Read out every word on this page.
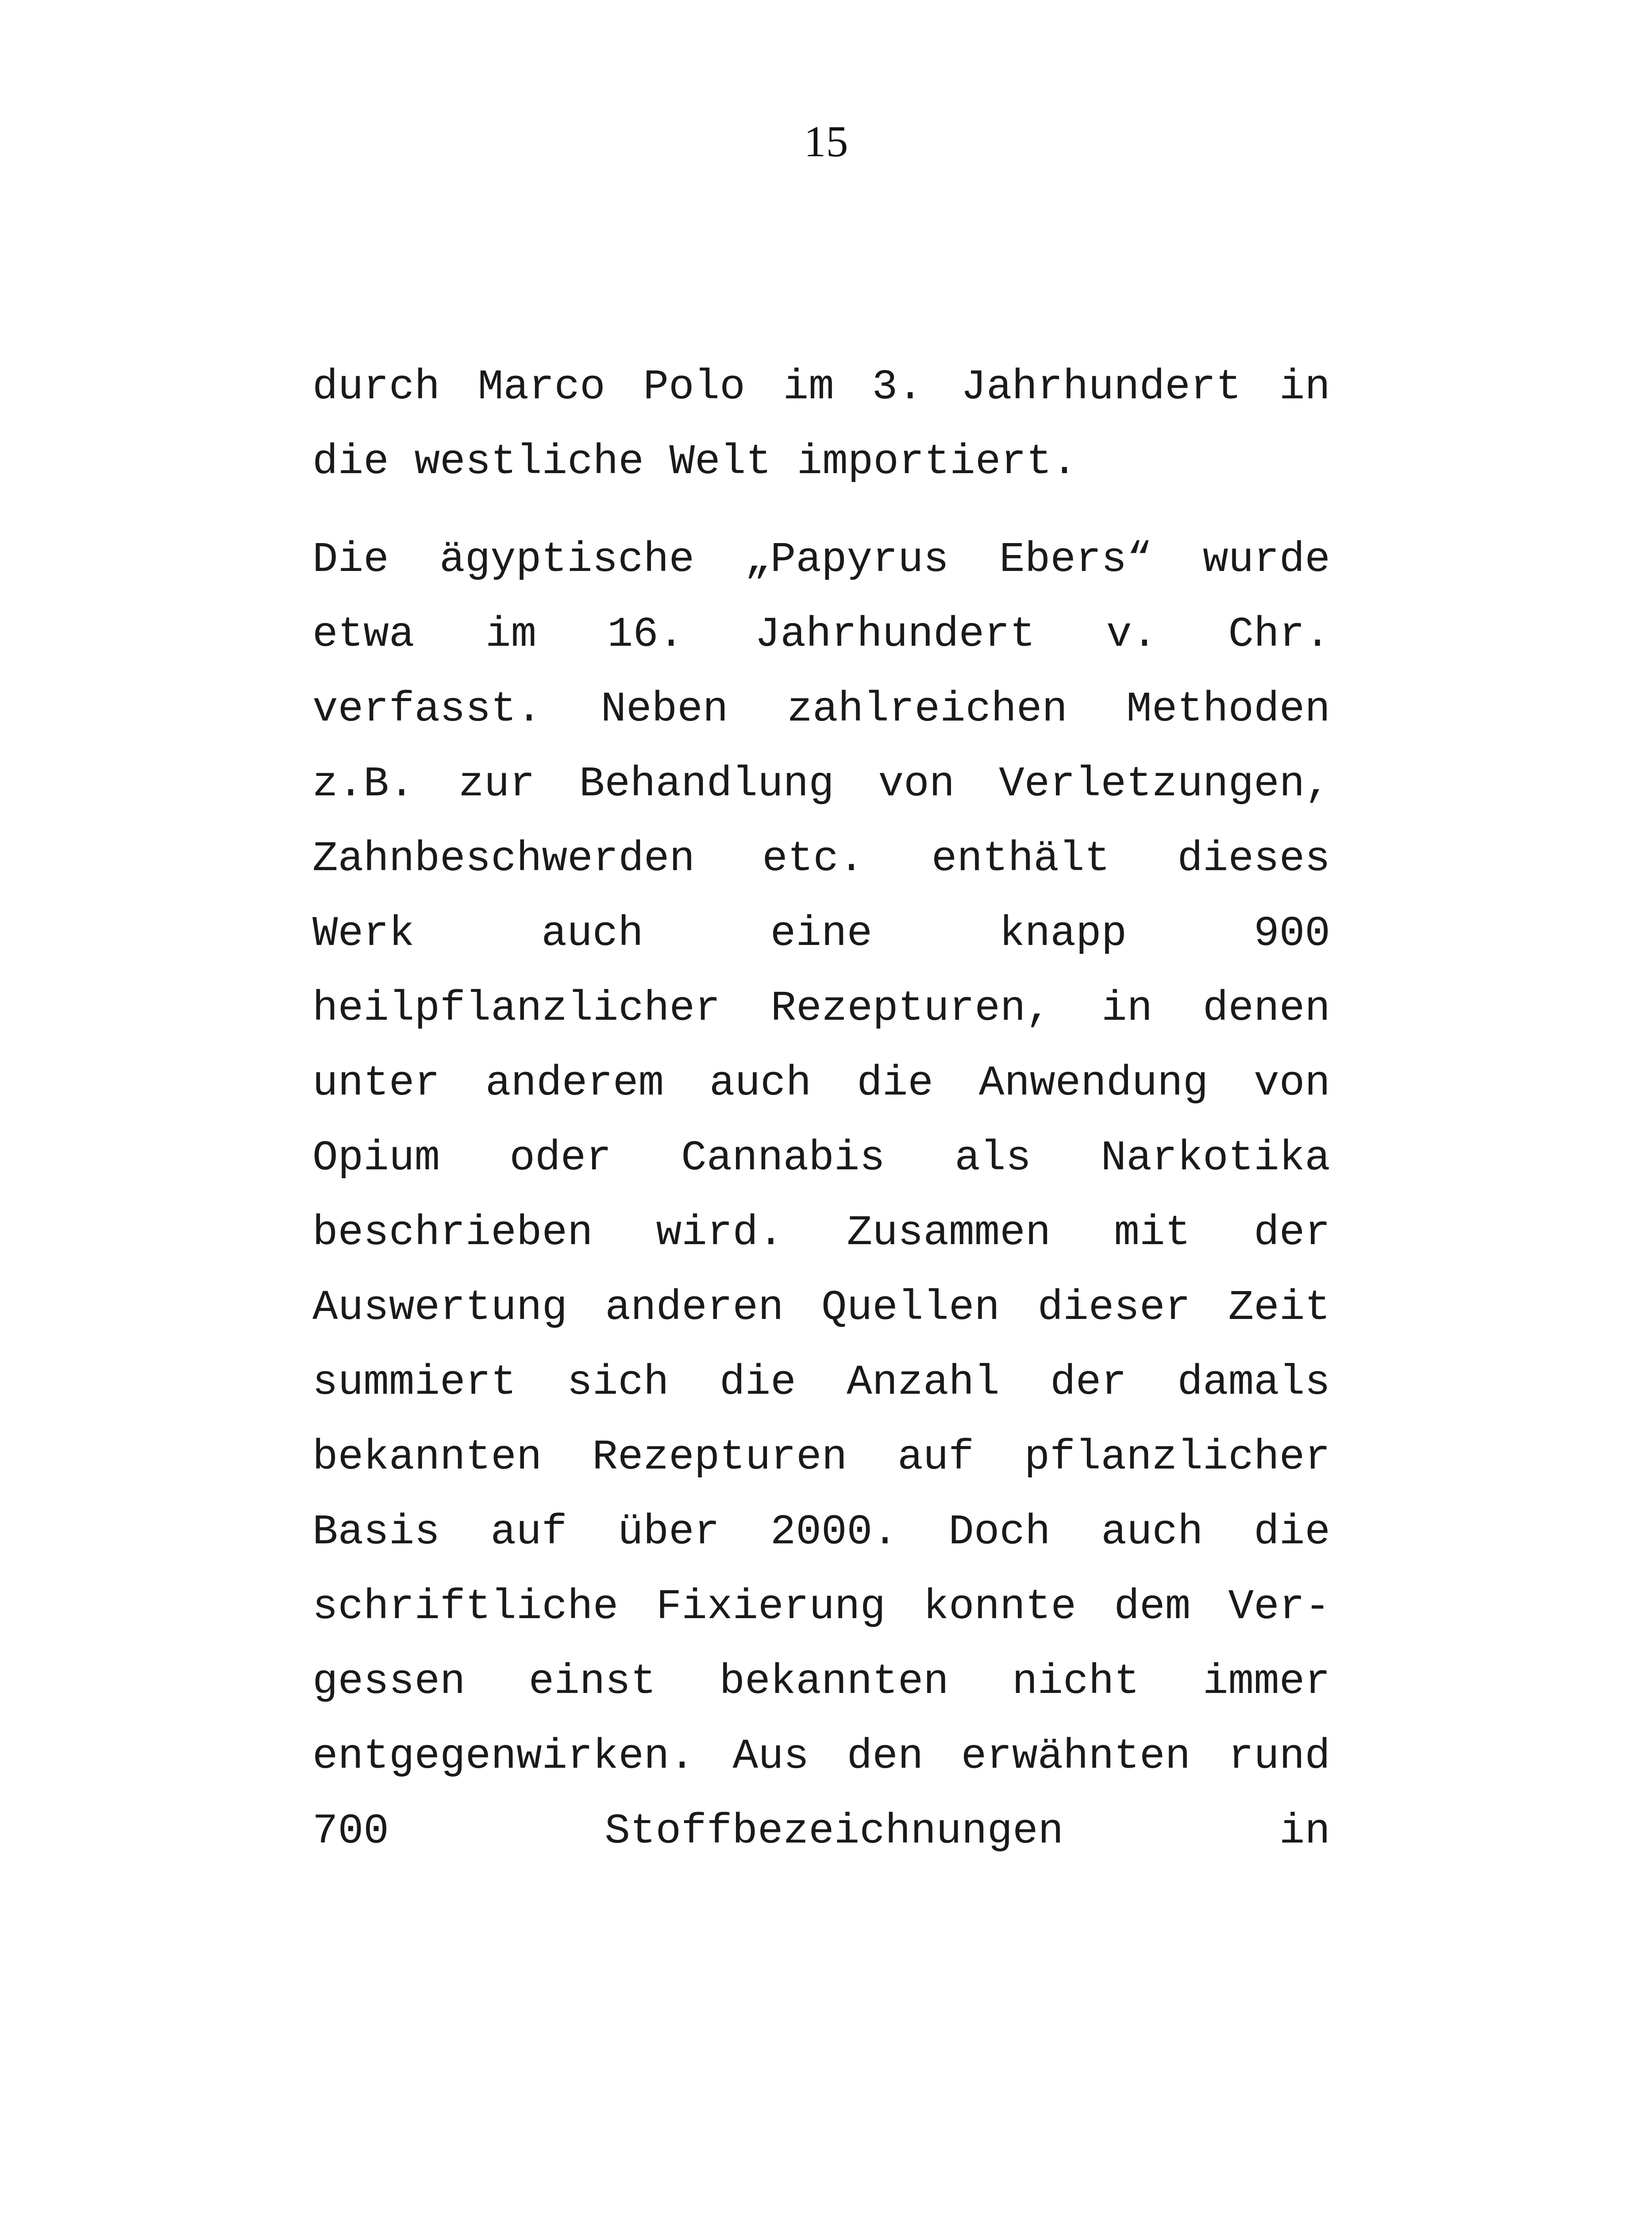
15
durch Marco Polo im 3. Jahrhundert in
die westliche Welt importiert.
Die ägyptische „Papyrus Ebers“ wurde
etwa im 16. Jahrhundert v. Chr.
verfasst. Neben zahlreichen Methoden
z.B. zur Behandlung von Verletzungen,
Zahnbeschwerden etc. enthält dieses
Werk	auch	eine	knapp	900
heilpflanzlicher Rezepturen, in denen
unter anderem auch die Anwendung von
Opium oder Cannabis als Narkotika
beschrieben wird. Zusammen mit der
Auswertung anderen Quellen dieser Zeit
summiert sich die Anzahl der damals
bekannten Rezepturen auf pflanzlicher
Basis auf über 2000. Doch auch die
schriftliche Fixierung konnte dem Ver-
gessen einst bekannten nicht immer
entgegenwirken. Aus den erwähnten rund
700	Stoffbezeichnungen	in
